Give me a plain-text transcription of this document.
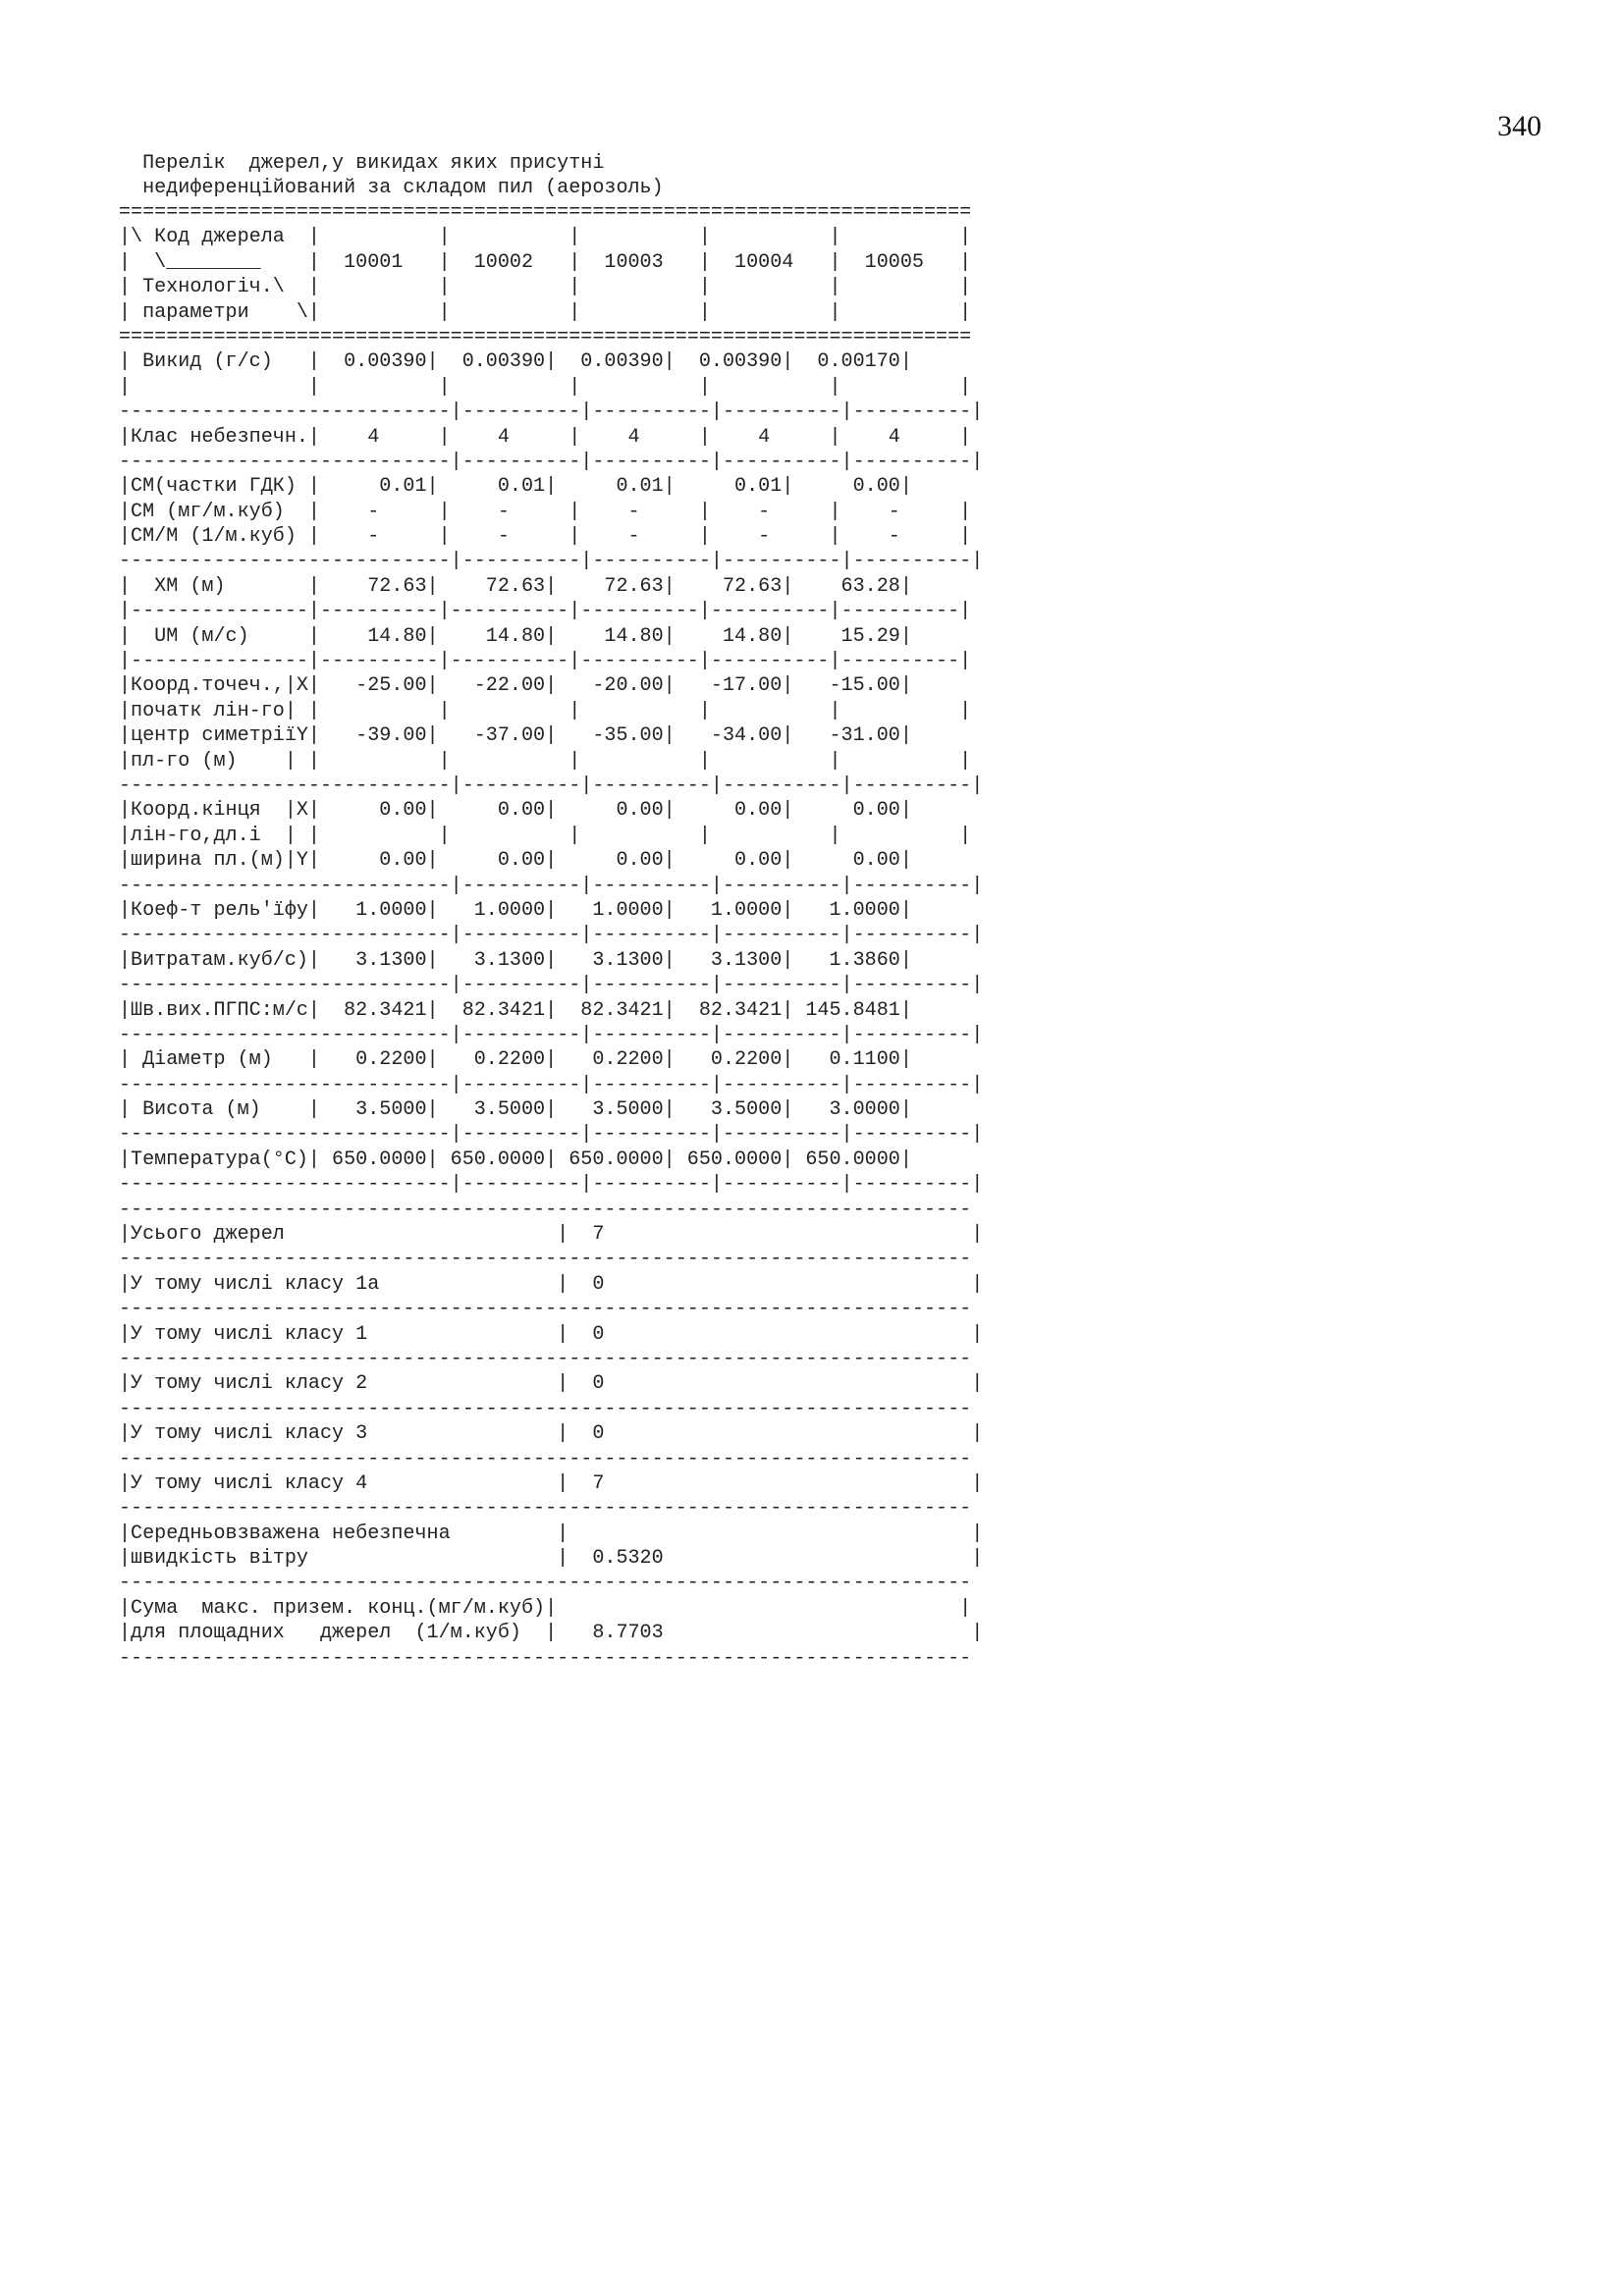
340
Перелік  джерел,у викидах яких присутні
недиференційований за складом пил (аерозоль)
========================================================================
|\ Код джерела  |          |          |          |          |          |
|  \________    |  10001   |  10002   |  10003   |  10004   |  10005   |
| Технологіч.\  |          |          |          |          |          |
| параметри    \|          |          |          |          |          |
========================================================================
| Викид (г/с)   |  0.00390|  0.00390|  0.00390|  0.00390|  0.00170|
|               |          |          |          |          |          |
----------------------------|----------|----------|----------|----------|
|Клас небезпечн.|    4     |    4     |    4     |    4     |    4     |
----------------------------|----------|----------|----------|----------|
|CM(частки ГДК) |     0.01|     0.01|     0.01|     0.01|     0.00|
|CM (мг/м.куб)  |    -     |    -     |    -     |    -     |    -     |
|CM/M (1/м.куб) |    -     |    -     |    -     |    -     |    -     |
----------------------------|----------|----------|----------|----------|
|  XM (м)       |    72.63|    72.63|    72.63|    72.63|    63.28|
|---------------|----------|----------|----------|----------|----------|
|  UM (м/с)     |    14.80|    14.80|    14.80|    14.80|    15.29|
|---------------|----------|----------|----------|----------|----------|
|Коорд.точеч.,|X|   -25.00|   -22.00|   -20.00|   -17.00|   -15.00|
|початк лін-го| |          |          |          |          |          |
|центр симетріїY|   -39.00|   -37.00|   -35.00|   -34.00|   -31.00|
|пл-го (м)    | |          |          |          |          |          |
----------------------------|----------|----------|----------|----------|
|Коорд.кінця  |X|     0.00|     0.00|     0.00|     0.00|     0.00|
|лін-го,дл.і  | |          |          |          |          |          |
|ширина пл.(м)|Y|     0.00|     0.00|     0.00|     0.00|     0.00|
----------------------------|----------|----------|----------|----------|
|Коеф-т рель'їфу|   1.0000|   1.0000|   1.0000|   1.0000|   1.0000|
----------------------------|----------|----------|----------|----------|
|Витратам.куб/с)|   3.1300|   3.1300|   3.1300|   3.1300|   1.3860|
----------------------------|----------|----------|----------|----------|
|Шв.вих.ПГПС:м/с|  82.3421|  82.3421|  82.3421|  82.3421| 145.8481|
----------------------------|----------|----------|----------|----------|
| Діаметр (м)   |   0.2200|   0.2200|   0.2200|   0.2200|   0.1100|
----------------------------|----------|----------|----------|----------|
| Висота (м)    |   3.5000|   3.5000|   3.5000|   3.5000|   3.0000|
----------------------------|----------|----------|----------|----------|
|Температура(°C)| 650.0000| 650.0000| 650.0000| 650.0000| 650.0000|
----------------------------|----------|----------|----------|----------|
------------------------------------------------------------------------
|Усього джерел                       |  7                               |
------------------------------------------------------------------------
|У тому числі класу 1a               |  0                               |
------------------------------------------------------------------------
|У тому числі класу 1                |  0                               |
------------------------------------------------------------------------
|У тому числі класу 2                |  0                               |
------------------------------------------------------------------------
|У тому числі класу 3                |  0                               |
------------------------------------------------------------------------
|У тому числі класу 4                |  7                               |
------------------------------------------------------------------------
|Середньовзважена небезпечна         |                                  |
|швидкість вітру                     |  0.5320                          |
------------------------------------------------------------------------
|Сума  макс. призем. конц.(мг/м.куб)|                                  |
|для площадних   джерел  (1/м.куб)  |   8.7703                          |
------------------------------------------------------------------------
